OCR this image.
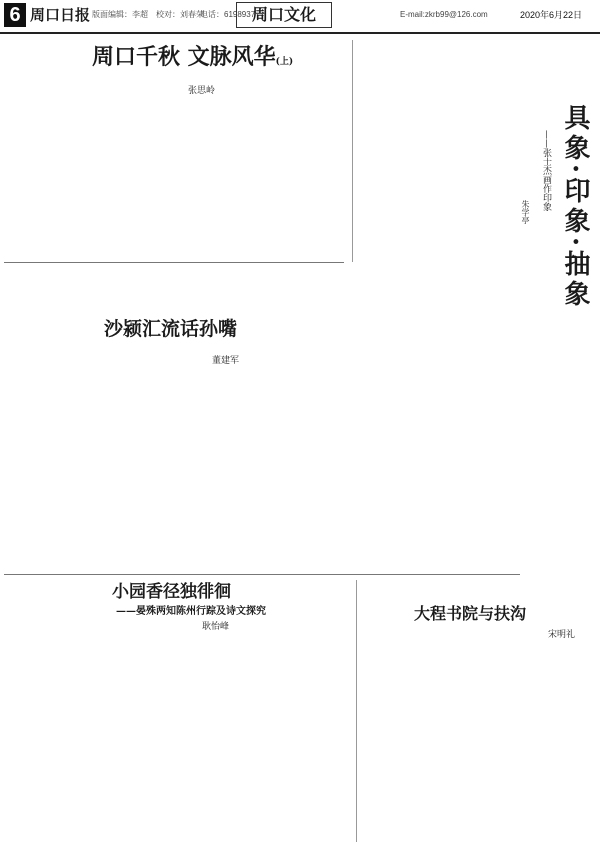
6 周口日报 版面编辑：李超 校对：刘春荣
电话：6198937
周口文化	E-mail:zkrb99@126.com	2020年6月22日
周口千秋 文脉风华(上)
张思岭
沙颍汇流话孙嘴
董建军
小园香径独徘徊
——晏殊两知陈州行踪及诗文探究
耿怡峰
大程书院与扶沟
宋明礼
具象·印象·抽象
——张士杰画作印象
朱学亭
